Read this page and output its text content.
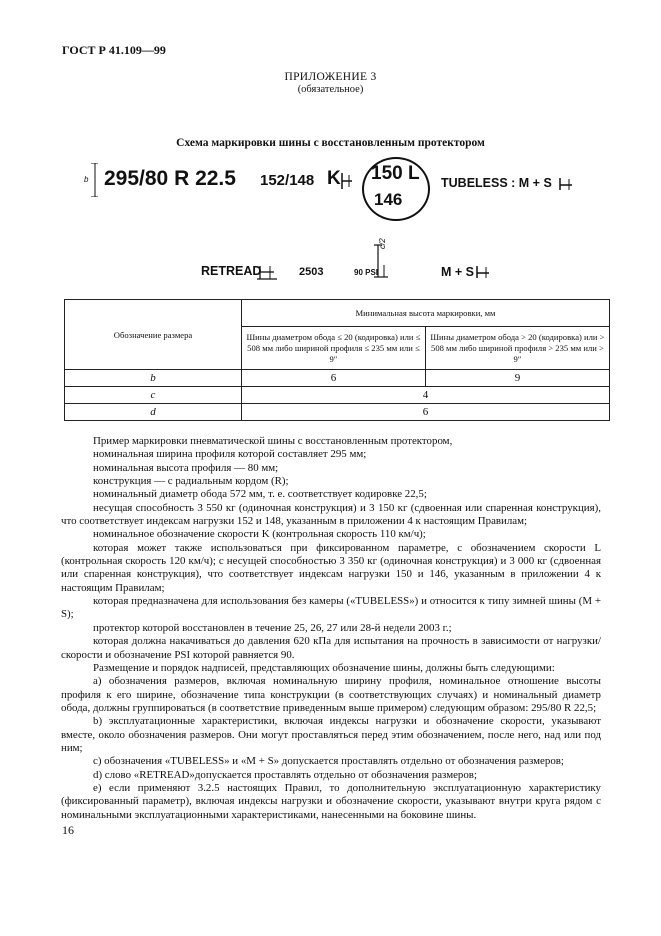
ГОСТ Р 41.109—99
ПРИЛОЖЕНИЕ 3
(обязательное)
Схема маркировки шины с восстановленным протектором
b 295/80 R 22.5 152/148 K 150 L
146
TUBELESS : M + S
RETREAD	2503	90 PSI
c/2
M + S
Обозначение размера	Минимальная высота маркировки, мм	
	Шины диаметром обода ≤ 20 (кодировка) или ≤ 508 мм либо шириной профиля ≤ 235 мм или ≤ 9″	Шины диаметром обода > 20 (кодировка) или > 508 мм либо шириной профиля > 235 мм или > 9″
b	6	9
c	4	
d	6	

Пример маркировки пневматической шины с восстановленным протектором,

номинальная ширина профиля которой составляет 295 мм;

номинальная высота профиля — 80 мм;

конструкция — с радиальным кордом (R);

номинальный диаметр обода 572 мм, т. е. соответствует кодировке 22,5;

несущая способность 3 550 кг (одиночная конструкция) и 3 150 кг (сдвоенная или спаренная конструкция), что соответствует индексам нагрузки 152 и 148, указанным в приложении 4 к настоящим Правилам;

номинальное обозначение скорости K (контрольная скорость 110 км/ч);

которая может также использоваться при фиксированном параметре, с обозначением скорости L (контрольная скорость 120 км/ч); с несущей способностью 3 350 кг (одиночная конструкция) и 3 000 кг (сдвоенная или спаренная конструкция), что соответствует индексам нагрузки 150 и 146, указанным в приложении 4 к настоящим Правилам;

которая предназначена для использования без камеры («TUBELESS») и относится к типу зимней шины (M + S);

протектор которой восстановлен в течение 25, 26, 27 или 28-й недели 2003 г.;

которая должна накачиваться до давления 620 кПа для испытания на прочность в зависимости от нагрузки/скорости и обозначение PSI которой равняется 90.

Размещение и порядок надписей, представляющих обозначение шины, должны быть следующими:

a) обозначения размеров, включая номинальную ширину профиля, номинальное отношение высоты профиля к его ширине, обозначение типа конструкции (в соответствующих случаях) и номинальный диаметр обода, должны группироваться (в соответствие приведенным выше примером) следующим образом: 295/80 R 22,5;

b) эксплуатационные характеристики, включая индексы нагрузки и обозначение скорости, указывают вместе, около обозначения размеров. Они могут проставляться перед этим обозначением, после него, над или под ним;

c) обозначения «TUBELESS» и «M + S» допускается проставлять отдельно от обозначения размеров;

d) слово «RETREAD»допускается проставлять отдельно от обозначения размеров;

e) если применяют 3.2.5 настоящих Правил, то дополнительную эксплуатационную характеристику (фиксированный параметр), включая индексы нагрузки и обозначение скорости, указывают внутри круга рядом с номинальными эксплуатационными характеристиками, нанесенными на боковине шины.

16
